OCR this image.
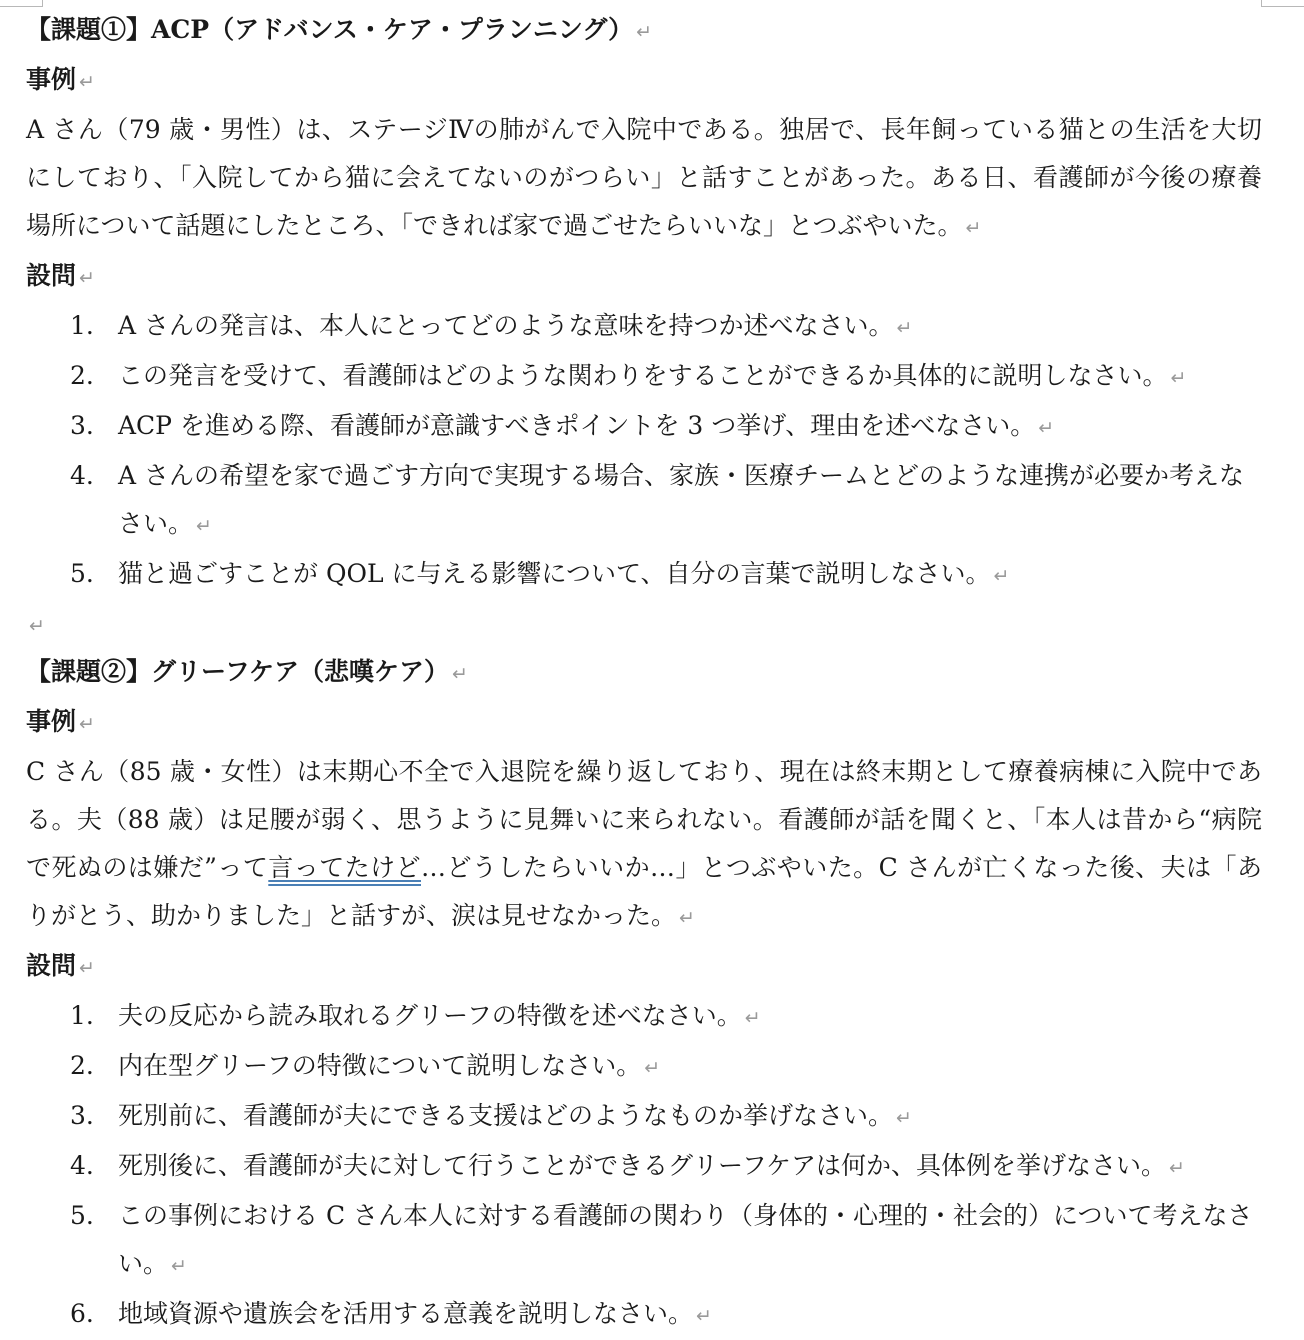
【課題①】ACP（アドバンス・ケア・プランニング） ↵
事例 ↵
A さん（79 歳・男性）は、ステージⅣの肺がんで入院中である。独居で、長年飼っている猫との生活を大切にしており、「入院してから猫に会えてないのがつらい」と話すことがあった。ある日、看護師が今後の療養場所について話題にしたところ、「できれば家で過ごせたらいいな」とつぶやいた。 ↵
設問 ↵
1. A さんの発言は、本人にとってどのような意味を持つか述べなさい。 ↵
2. この発言を受けて、看護師はどのような関わりをすることができるか具体的に説明しなさい。 ↵
3. ACP を進める際、看護師が意識すべきポイントを 3 つ挙げ、理由を述べなさい。 ↵
4. A さんの希望を家で過ごす方向で実現する場合、家族・医療チームとどのような連携が必要か考えなさい。 ↵
5. 猫と過ごすことが QOL に与える影響について、自分の言葉で説明しなさい。 ↵
↵
【課題②】グリーフケア（悲嘆ケア） ↵
事例 ↵
C さん（85 歳・女性）は末期心不全で入退院を繰り返しており、現在は終末期として療養病棟に入院中である。夫（88 歳）は足腰が弱く、思うように見舞いに来られない。看護師が話を聞くと、「本人は昔から“病院で死ぬのは嫌だ”って言ってたけど…どうしたらいいか…」とつぶやいた。C さんが亡くなった後、夫は「ありがとう、助かりました」と話すが、涙は見せなかった。 ↵
設問 ↵
1. 夫の反応から読み取れるグリーフの特徴を述べなさい。 ↵
2. 内在型グリーフの特徴について説明しなさい。 ↵
3. 死別前に、看護師が夫にできる支援はどのようなものか挙げなさい。 ↵
4. 死別後に、看護師が夫に対して行うことができるグリーフケアは何か、具体例を挙げなさい。 ↵
5. この事例における C さん本人に対する看護師の関わり（身体的・心理的・社会的）について考えなさい。 ↵
6. 地域資源や遺族会を活用する意義を説明しなさい。 ↵
